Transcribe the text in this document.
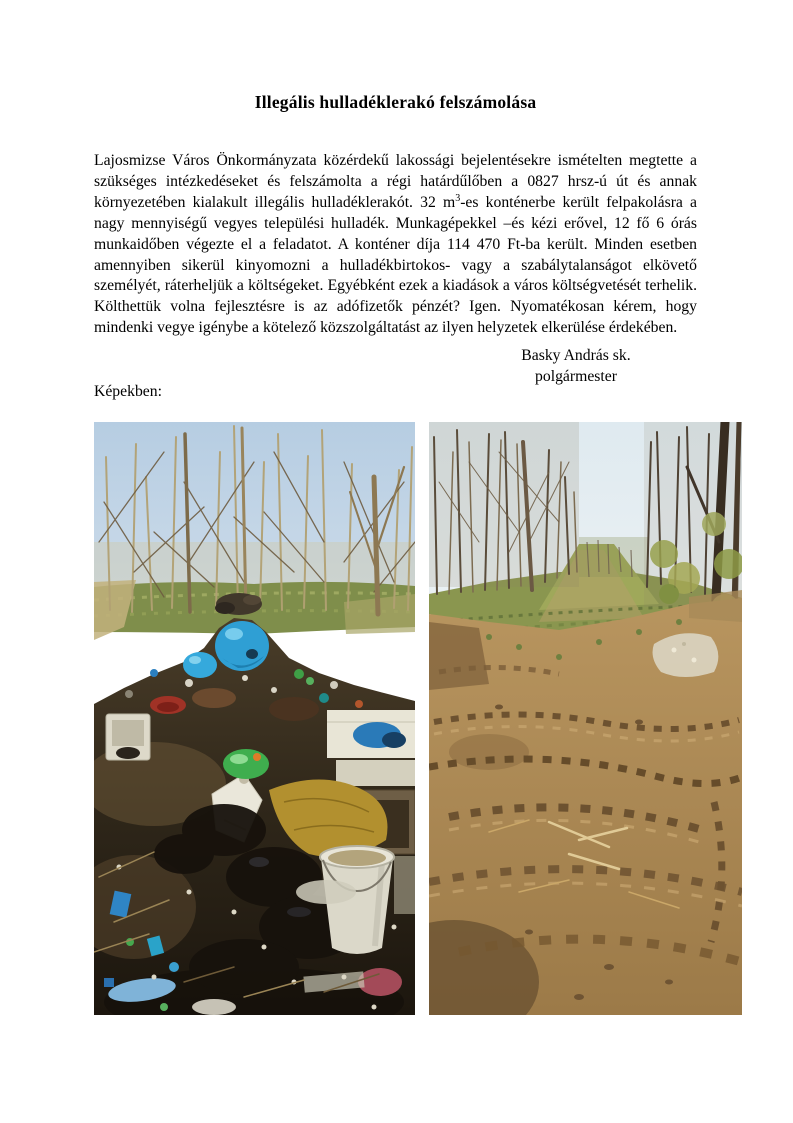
Illegális hulladéklerakó felszámolása

Lajosmizse Város Önkormányzata közérdekű lakossági bejelentésekre ismételten megtette a szükséges intézkedéseket és felszámolta a régi határdűlőben a 0827 hrsz-ú út és annak környezetében kialakult illegális hulladéklerakót. 32 $m^3-es$ konténerbe került felpakolásra a nagy mennyiségű vegyes települési hulladék. Munkagépekkel –és kézi erővel, 12 fő 6 órás munkaidőben végezte el a feladatot. A konténer díja 114 470 Ft-ba került. Minden esetben amennyiben sikerül kinyomozni a hulladékbirtokos- vagy a szabálytalanságot elkövető személyét, ráterheljük a költségeket. Egyébként ezek a kiadások a város költségvetését terhelik. Költhettük volna fejlesztésre is az adófizetők pénzét? Igen. Nyomatékosan kérem, hogy mindenki vegye igénybe a kötelező közszolgáltatást az ilyen helyzetek elkerülése érdekében.

Basky András sk.
polgármester
Képekben:
